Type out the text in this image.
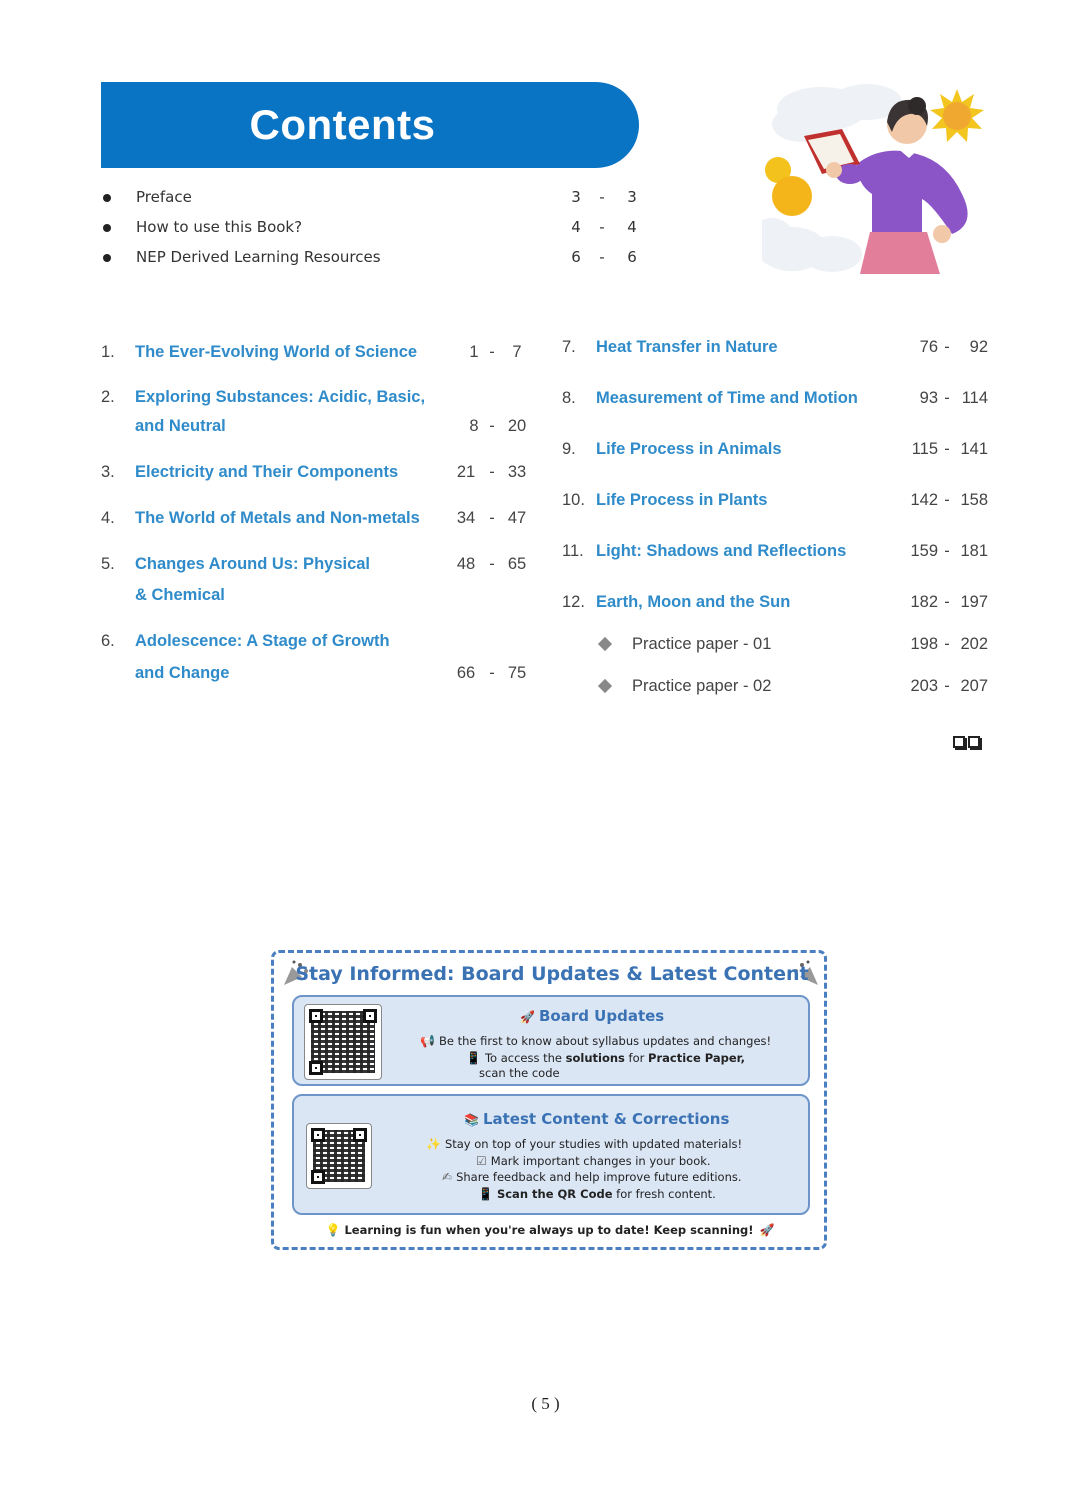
Contents
Preface	3 - 3
How to use this Book?	4 - 4
NEP Derived Learning Resources	6 - 6
1. The Ever-Evolving World of Science	1 -	7
2. Exploring Substances: Acidic, Basic,
and Neutral	8 - 20
3. Electricity and Their Components	21 - 33
4. The World of Metals and Non-metals	34 - 47
5. Changes Around Us: Physical
& Chemical
48 - 65
6. Adolescence: A Stage of Growth
and Change	66 - 75
7. Heat Transfer in Nature	76 -	92
8. Measurement of Time and Motion	93 - 114
9. Life Process in Animals	115 - 141
10. Life Process in Plants	142 - 158
11. Light: Shadows and Reflections	159 - 181
12. Earth, Moon and the Sun	182 - 197
Practice paper - 01	198 - 202
Practice paper - 02	203 - 207
Stay Informed: Board Updates & Latest Content
🚀 Board Updates
📢 Be the first to know about syllabus updates and changes!
📱 To access the solutions for Practice Paper,
scan the code
📚 Latest Content & Corrections
✨ Stay on top of your studies with updated materials!
☑ Mark important changes in your book.
✍ Share feedback and help improve future editions.
📱 Scan the QR Code for fresh content.
💡 Learning is fun when you're always up to date! Keep scanning! 🚀
( 5 )
